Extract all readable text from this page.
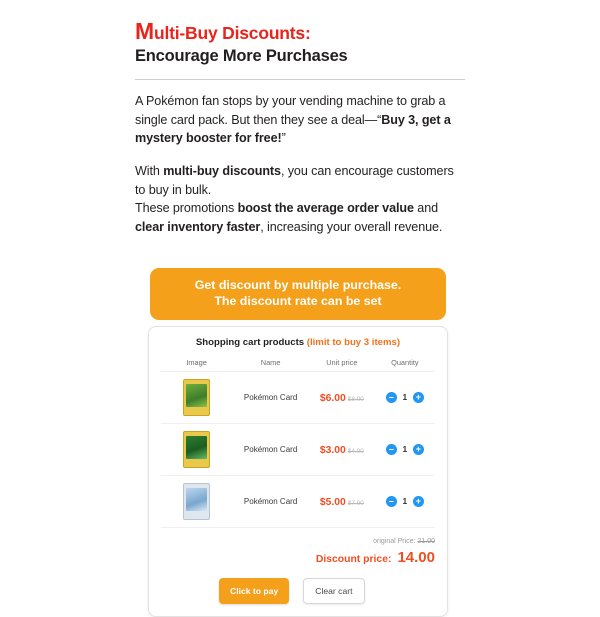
Multi-Buy Discounts:
Encourage More Purchases

A Pokémon fan stops by your vending machine to grab a single card pack. But then they see a deal—“Buy 3, get a mystery booster for free!”

With multi-buy discounts, you can encourage customers to buy in bulk.

These promotions boost the average order value and clear inventory faster, increasing your overall revenue.

Get discount by multiple purchase.
The discount rate can be set
Shopping cart products (limit to buy 3 items)
Image	Name	Unit price	Quantity

	Pokémon Card	$6.00 $8.00	– 1 +

	Pokémon Card	$3.00 $4.00	– 1 +

	Pokémon Card	$5.00 $7.00	– 1 +
original Price: 21.00
Discount price: 14.00
Click to pay	Clear cart
